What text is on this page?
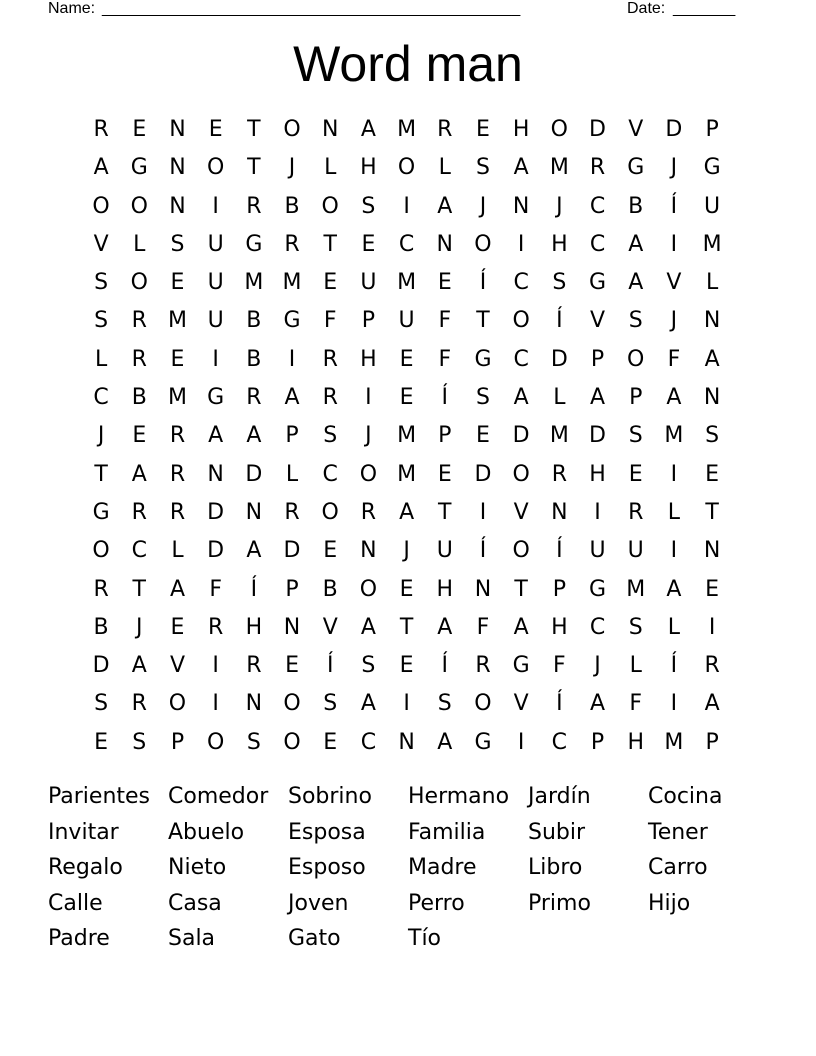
Name: _______________________________________________	Date: _______
Word man
R	E	N	E	T	O N	A M R	E	H O D	V	D	P
A	G N O	T	J	L	H O	L	S	A M R	G	J	G
O O N	I	R	B O	S	I	A	J	N	J	C	B	Í	U
V	L	S	U G	R	T	E	C	N O	I	H	C	A	I	M
S	O	E	U M M E	U M E	Í	C	S	G	A	V	L
S	R M U	B	G	F	P	U	F	T	O	Í	V	S	J	N
L	R	E	I	B	I	R	H	E	F	G C	D	P	O	F	A
C	B M G	R	A	R	I	E	Í	S	A	L	A	P	A	N
J	E	R	A	A	P	S	J	M	P	E	D M D	S M S
T	A	R	N D	L	C O M E	D O R	H	E	I	E
G	R	R	D N	R O R	A	T	I	V	N	I	R	L	T
O C	L	D	A	D	E	N	J	U	Í	O	Í	U	U	I	N
R	T	A	F	Í	P	B O	E	H N	T	P	G M A	E
B	J	E	R	H N	V	A	T	A	F	A	H	C	S	L	I
D	A	V	I	R	E	Í	S	E	Í	R	G	F	J	L	Í	R
S	R O	I	N O	S	A	I	S	O	V	Í	A	F	I	A
E	S	P	O	S	O	E	C	N	A	G	I	C	P	H M	P
Parientes Comedor Sobrino	Hermano Jardín	Cocina
Invitar	Abuelo	Esposa	Familia	Subir	Tener
Regalo	Nieto	Esposo	Madre	Libro	Carro
Calle	Casa	Joven	Perro	Primo	Hijo
Padre	Sala	Gato	Tío
